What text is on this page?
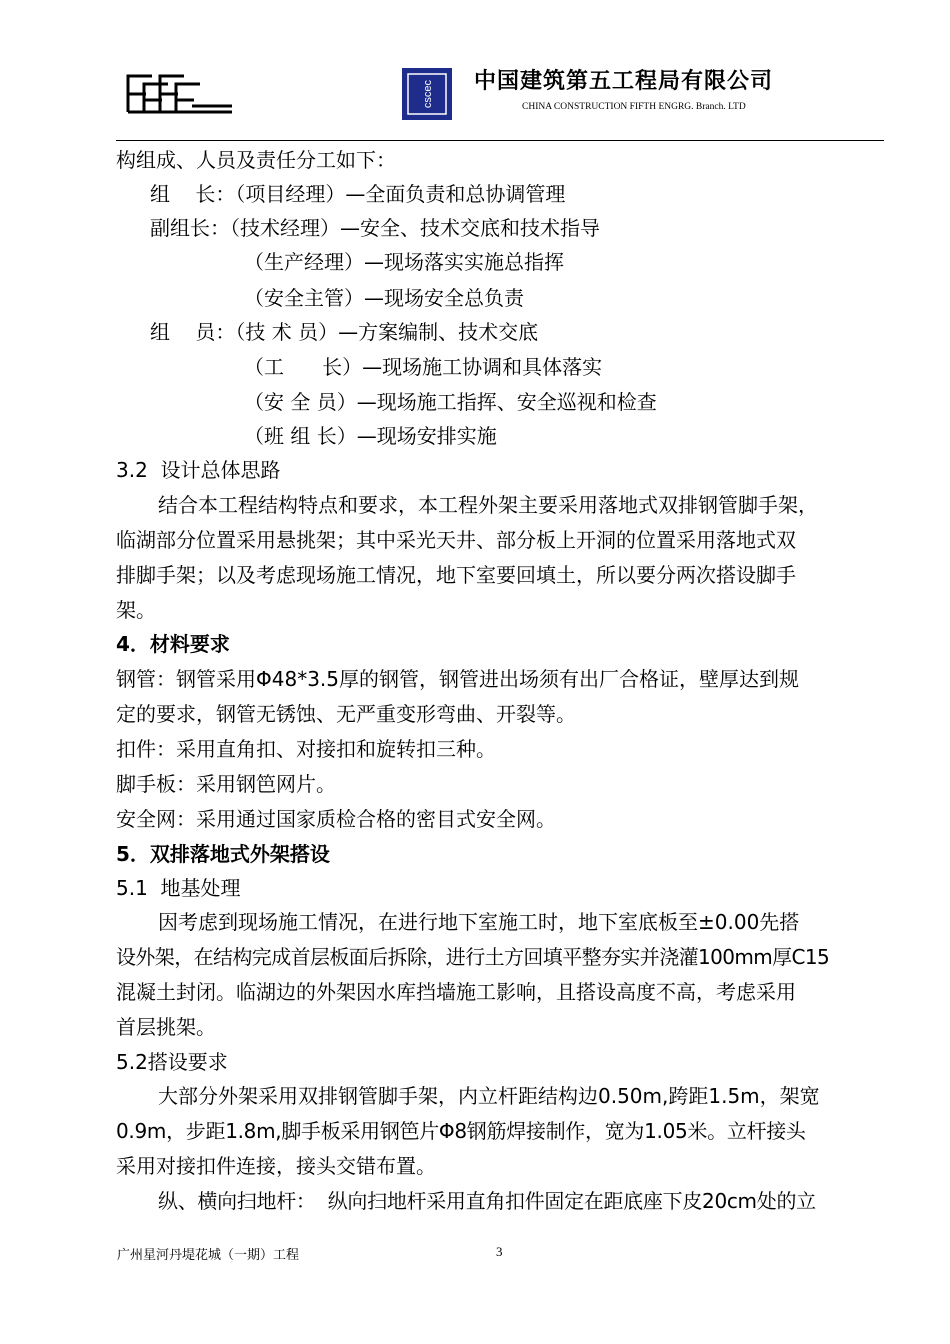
cscec 中国建筑第五工程局有限公司
CHINA CONSTRUCTION FIFTH ENGRG. Branch. LTD
构组成、人员及责任分工如下：
组    长：（项目经理）—全面负责和总协调管理
副组长：（技术经理）—安全、技术交底和技术指导
（生产经理）—现场落实实施总指挥
（安全主管）—现场安全总负责
组    员：（技 术 员）—方案编制、技术交底
（工      长）—现场施工协调和具体落实
（安 全 员）—现场施工指挥、安全巡视和检查
（班 组 长）—现场安排实施
3.2  设计总体思路
结合本工程结构特点和要求，本工程外架主要采用落地式双排钢管脚手架，
临湖部分位置采用悬挑架；其中采光天井、部分板上开洞的位置采用落地式双
排脚手架；以及考虑现场施工情况，地下室要回填土，所以要分两次搭设脚手
架。
4．材料要求
钢管：钢管采用Φ48*3.5厚的钢管，钢管进出场须有出厂合格证，壁厚达到规
定的要求，钢管无锈蚀、无严重变形弯曲、开裂等。
扣件：采用直角扣、对接扣和旋转扣三种。
脚手板：采用钢笆网片。
安全网：采用通过国家质检合格的密目式安全网。
5．双排落地式外架搭设
5.1  地基处理
因考虑到现场施工情况，在进行地下室施工时，地下室底板至±0.00先搭
设外架，在结构完成首层板面后拆除，进行土方回填平整夯实并浇灌100mm厚C15
混凝土封闭。临湖边的外架因水库挡墙施工影响，且搭设高度不高，考虑采用
首层挑架。
5.2搭设要求
大部分外架采用双排钢管脚手架，内立杆距结构边0.50m,跨距1.5m，架宽
0.9m，步距1.8m,脚手板采用钢笆片Φ8钢筋焊接制作，宽为1.05米。立杆接头
采用对接扣件连接，接头交错布置。
纵、横向扫地杆：  纵向扫地杆采用直角扣件固定在距底座下皮20cm处的立
广州星河丹堤花城（一期）工程	3
